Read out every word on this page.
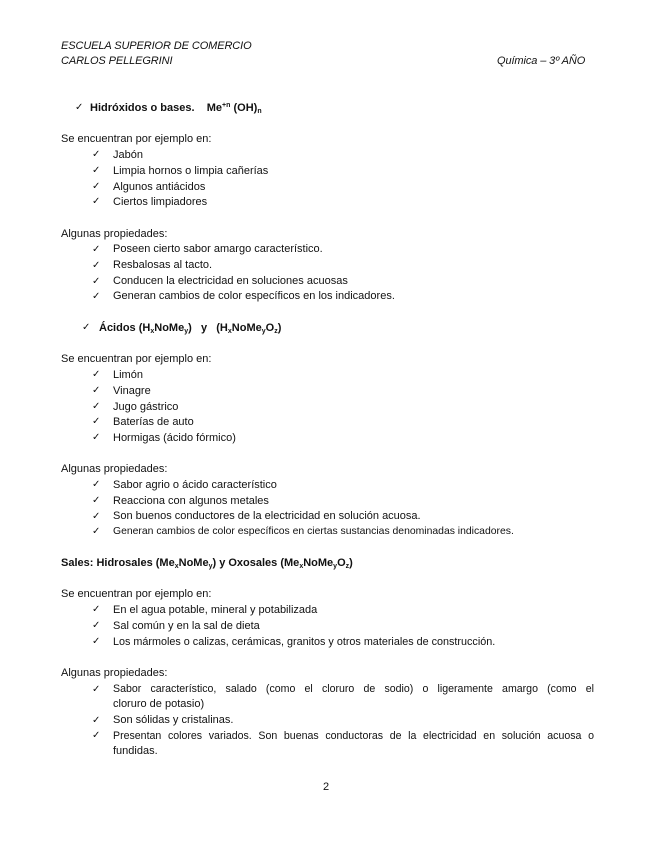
ESCUELA SUPERIOR DE COMERCIO
CARLOS PELLEGRINI	Química – 3º AÑO
✓ Hidróxidos o bases. $Me^{+n}$ $(OH)_n$
Se encuentran por ejemplo en:
✓ Jabón
✓ Limpia hornos o limpia cañerías
✓ Algunos antiácidos
✓ Ciertos limpiadores
Algunas propiedades:
✓ Poseen cierto sabor amargo característico.
✓ Resbalosas al tacto.
✓ Conducen la electricidad en soluciones acuosas
✓ Generan cambios de color específicos en los indicadores.
✓ Ácidos $(H_xNoMe_y)$ y $(H_xNoMe_yO_z)$
Se encuentran por ejemplo en:
✓ Limón
✓ Vinagre
✓ Jugo gástrico
✓ Baterías de auto
✓ Hormigas (ácido fórmico)
Algunas propiedades:
✓ Sabor agrio o ácido característico
✓ Reacciona con algunos metales
✓ Son buenos conductores de la electricidad en solución acuosa.
✓ Generan cambios de color específicos en ciertas sustancias denominadas indicadores.
Sales: Hidrosales $(Me_xNoMe_y)$ y Oxosales $(Me_xNoMe_yO_z)$
Se encuentran por ejemplo en:
✓ En el agua potable, mineral y potabilizada
✓ Sal común y en la sal de dieta
✓ Los mármoles o calizas, cerámicas, granitos y otros materiales de construcción.
Algunas propiedades:
✓ Sabor característico, salado (como el cloruro de sodio) o ligeramente amargo (como el
cloruro de potasio)
✓ Son sólidas y cristalinas.
✓ Presentan colores variados. Son buenas conductoras de la electricidad en solución acuosa o
fundidas.
2
